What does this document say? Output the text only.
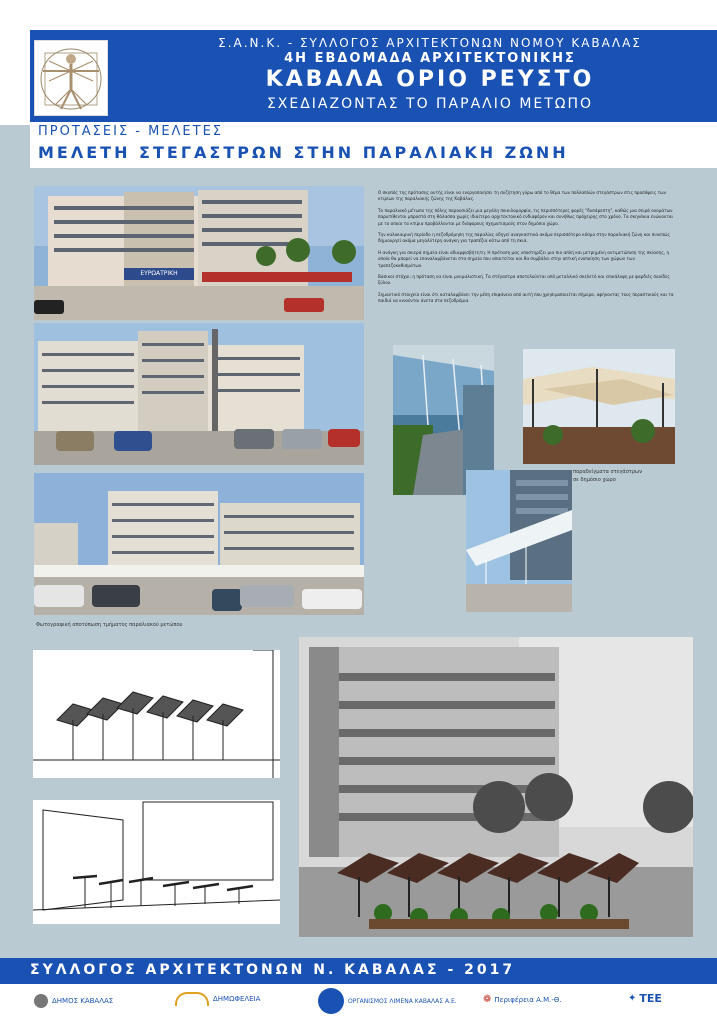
Σ.Α.Ν.Κ. - ΣΥΛΛΟΓΟΣ ΑΡΧΙΤΕΚΤΟΝΩΝ ΝΟΜΟΥ ΚΑΒΑΛΑΣ
4Η ΕΒΔΟΜΑΔΑ ΑΡΧΙΤΕΚΤΟΝΙΚΗΣ
ΚΑΒΑΛΑ ΟΡΙΟ ΡΕΥΣΤΟ
ΣΧΕΔΙΑΖΟΝΤΑΣ ΤΟ ΠΑΡΑΛΙΟ ΜΕΤΩΠΟ
ΠΡΟΤΑΣΕΙΣ - ΜΕΛΕΤΕΣ
ΜΕΛΕΤΗ ΣΤΕΓΑΣΤΡΩΝ ΣΤΗΝ ΠΑΡΑΛΙΑΚΗ ΖΩΝΗ
ΕΥΡΩΑΤΡΙΚΗ
Φωτογραφική αποτύπωση τμήματος παραλιακού μετώπου
παραδείγματα στεγάστρων
σε δημόσιο χώρο

Ο σκοπός της πρότασης αυτής είναι να ενεργοποιήσει τη συζήτηση γύρω από το θέμα των πολλαπλών στεγάστρων στις προσόψεις των κτιρίων της παραλιακής ζώνης της Καβάλας.

Το παραλιακό μέτωπο της πόλης παρουσιάζει μια μεγάλη ποικιλομορφία, τις περισσότερες φορές "δυσάρεστη", καθώς μια σειρά ονομάτων παρατίθενται μπροστά στη θάλασσα χωρίς ιδιαίτερο αρχιτεκτονικό ενδιαφέρον και συνήθως πρόχειρης στο χρόνο. Τα σκηνάκια ενώνονται με το οποίο τα κτίρια προβάλλονται με διάφορους σχηματισμούς στον δημόσιο χώρο.

Την καλοκαιρινή περίοδο η πεζοδρόμηση της παραλίας οδηγεί αναγκαστικά ακόμα περισσότερο κόσμο στην παραλιακή ζώνη και συνεπώς δημιουργεί ακόμα μεγαλύτερη ανάγκη για τραπέζια κάτω από τη σκιά.

Η ανάγκη για σκιερά σημεία είναι αδιαμφισβήτητη. Η πρόταση μας υποστηρίζει μια πιο απλή και μετρημένη αντιμετώπιση της σκίασης, η οποία θα μπορεί να επαναλαμβάνεται στα σημεία που απαιτείται και θα συμβάλει στην οπτική ενοποίηση των χώρων των τραπεζοκαθισμάτων.

Βασικοί στόχοι: η πρόταση να είναι μινιμαλιστική. Τα στέγαστρα αποτελούνται από μεταλλικό σκελετό και επικάλυψη με φαρδιές σανίδες ξύλου.

Σημαντικό στοιχείο είναι ότι καταλαμβάνει την μέση επιφάνεια από αυτή που χρησιμοποιείται σήμερα, αφήνοντας τους περαστικούς και τα παιδιά να κινούνται άνετα στα πεζοδρόμια.

ΣΥΛΛΟΓΟΣ ΑΡΧΙΤΕΚΤΟΝΩΝ Ν. ΚΑΒΑΛΑΣ - 2017
ΔΗΜΟΣ ΚΑΒΑΛΑΣ	ΔΗΜΩΦΕΛΕΙΑ	ΟΡΓΑΝΙΣΜΟΣ ΛΙΜΕΝΑ ΚΑΒΑΛΑΣ Α.Ε.	❁ Περιφέρεια Α.Μ.-Θ.	✦ ΤΕΕ
